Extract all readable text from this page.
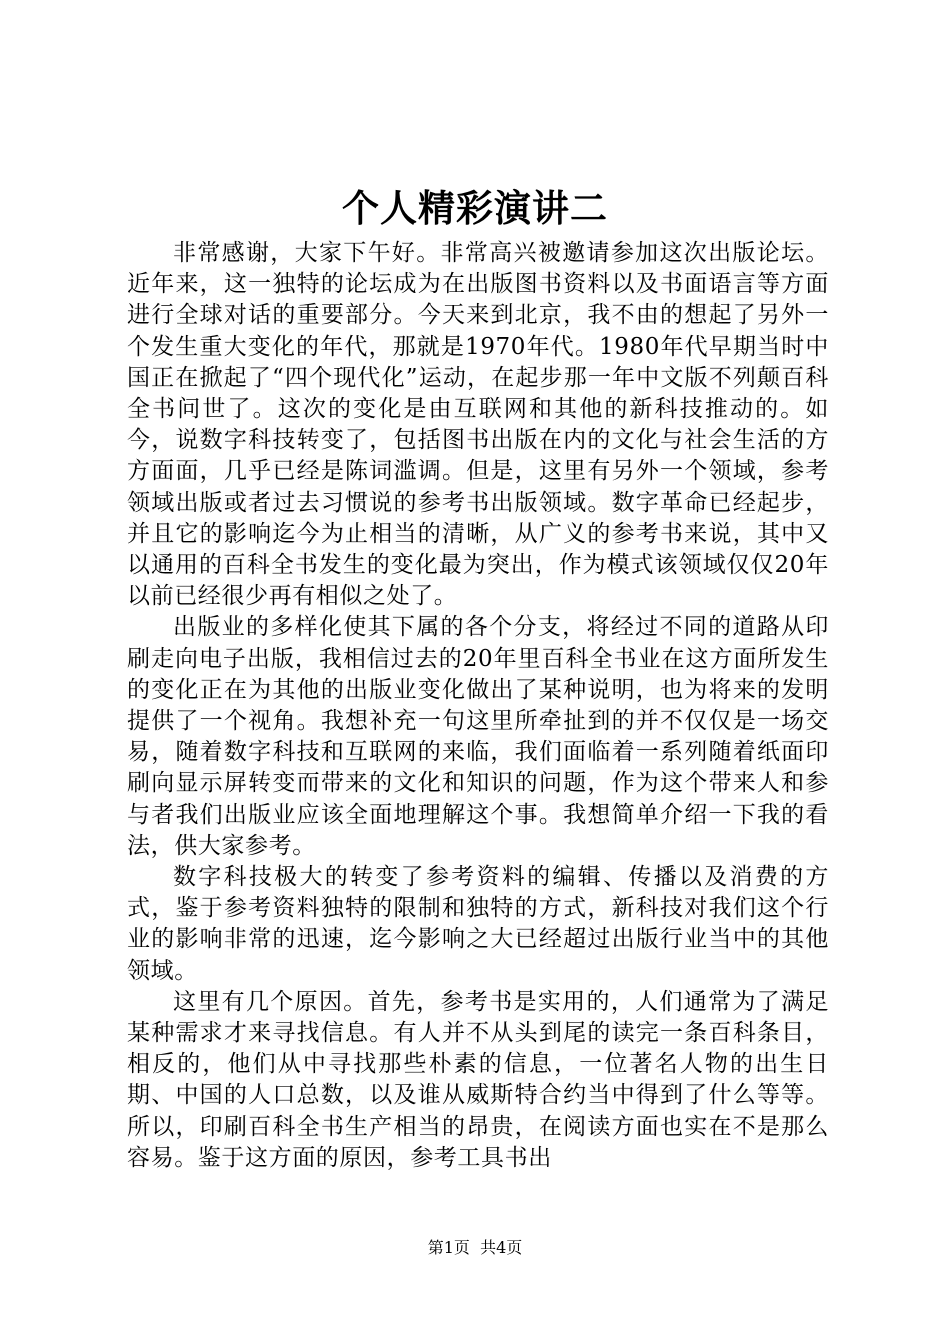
个人精彩演讲二

非常感谢，大家下午好。非常高兴被邀请参加这次出版论坛。近年来，这一独特的论坛成为在出版图书资料以及书面语言等方面进行全球对话的重要部分。今天来到北京，我不由的想起了另外一个发生重大变化的年代，那就是1970年代。1980年代早期当时中国正在掀起了“四个现代化”运动，在起步那一年中文版不列颠百科全书问世了。这次的变化是由互联网和其他的新科技推动的。如今，说数字科技转变了，包括图书出版在内的文化与社会生活的方方面面，几乎已经是陈词滥调。但是，这里有另外一个领域，参考领域出版或者过去习惯说的参考书出版领域。数字革命已经起步，并且它的影响迄今为止相当的清晰，从广义的参考书来说，其中又以通用的百科全书发生的变化最为突出，作为模式该领域仅仅20年以前已经很少再有相似之处了。

出版业的多样化使其下属的各个分支，将经过不同的道路从印刷走向电子出版，我相信过去的20年里百科全书业在这方面所发生的变化正在为其他的出版业变化做出了某种说明，也为将来的发明提供了一个视角。我想补充一句这里所牵扯到的并不仅仅是一场交易，随着数字科技和互联网的来临，我们面临着一系列随着纸面印刷向显示屏转变而带来的文化和知识的问题，作为这个带来人和参与者我们出版业应该全面地理解这个事。我想简单介绍一下我的看法，供大家参考。

数字科技极大的转变了参考资料的编辑、传播以及消费的方式，鉴于参考资料独特的限制和独特的方式，新科技对我们这个行业的影响非常的迅速，迄今影响之大已经超过出版行业当中的其他领域。

这里有几个原因。首先，参考书是实用的，人们通常为了满足某种需求才来寻找信息。有人并不从头到尾的读完一条百科条目，相反的，他们从中寻找那些朴素的信息，一位著名人物的出生日期、中国的人口总数，以及谁从威斯特合约当中得到了什么等等。所以，印刷百科全书生产相当的昂贵，在阅读方面也实在不是那么容易。鉴于这方面的原因，参考工具书出

第1页  共4页
